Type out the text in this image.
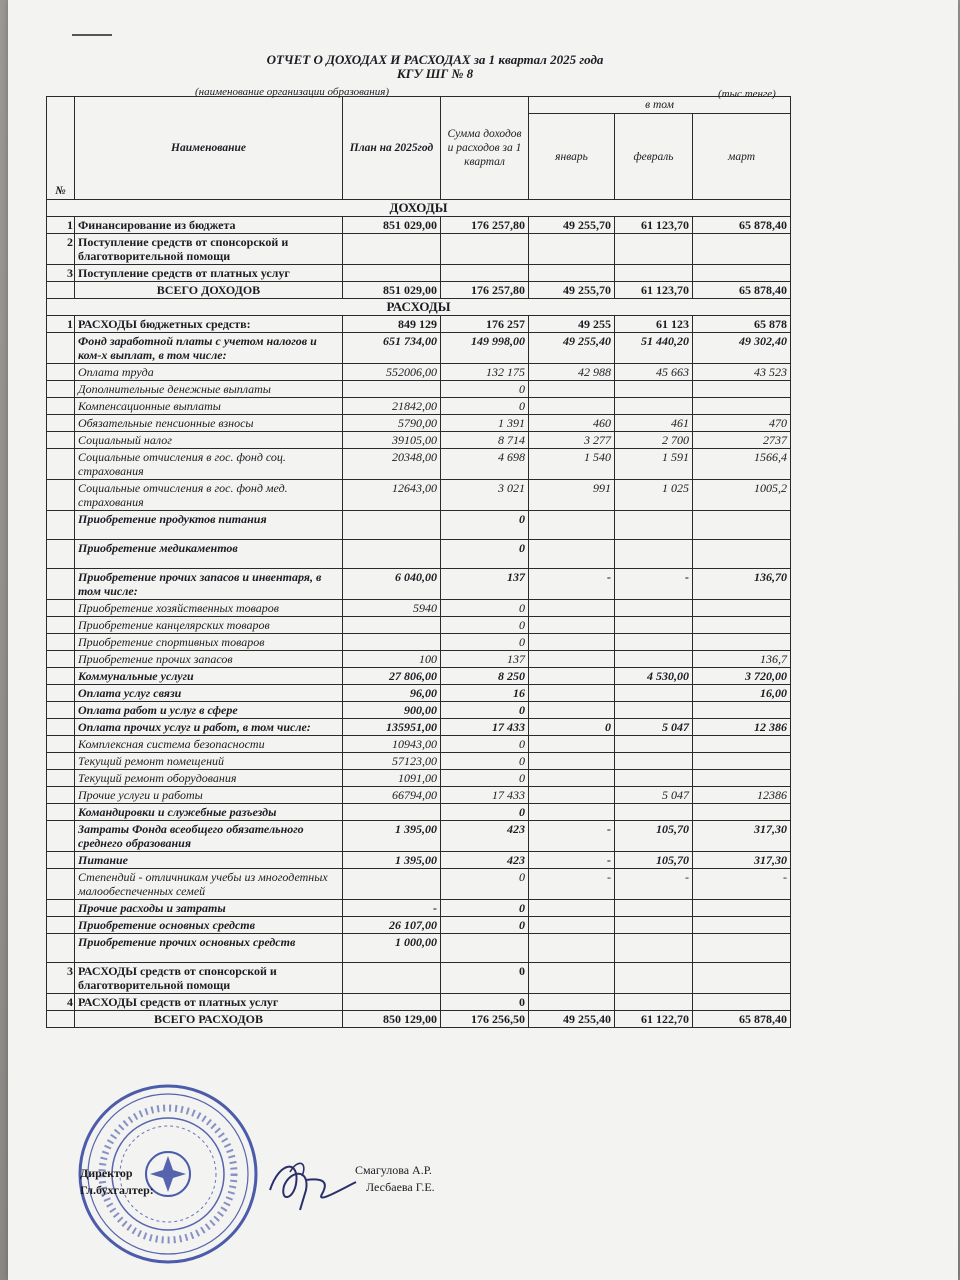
ОТЧЕТ О ДОХОДАХ И РАСХОДАХ за 1 квартал 2025 года
КГУ ШГ № 8
(наименование организации образования)	(тыс.тенге)
№	Наименование	План на 2025год	Сумма доходов и расходов за 1 квартал	в том		
				январь	февраль	март
ДОХОДЫ						
1	Финансирование из бюджета	851 029,00	176 257,80	49 255,70	61 123,70	65 878,40
2	Поступление средств от спонсорской и благотворительной помощи					
3	Поступление средств от платных услуг					
	ВСЕГО ДОХОДОВ	851 029,00	176 257,80	49 255,70	61 123,70	65 878,40
РАСХОДЫ						
1	РАСХОДЫ бюджетных средств:	849 129	176 257	49 255	61 123	65 878
	Фонд заработной платы с учетом налогов и ком-х выплат, в том числе:	651 734,00	149 998,00	49 255,40	51 440,20	49 302,40
	Оплата труда	552006,00	132 175	42 988	45 663	43 523
	Дополнительные денежные выплаты		0			
	Компенсационные выплаты	21842,00	0			
	Обязательные пенсионные взносы	5790,00	1 391	460	461	470
	Социальный налог	39105,00	8 714	3 277	2 700	2737
	Социальные отчисления в гос. фонд соц. страхования	20348,00	4 698	1 540	1 591	1566,4
	Социальные отчисления в гос. фонд мед. страхования	12643,00	3 021	991	1 025	1005,2
	Приобретение продуктов питания		0			
	Приобретение медикаментов		0			
	Приобретение прочих запасов и инвентаря, в том числе:	6 040,00	137	-	-	136,70
	Приобретение хозяйственных товаров	5940	0			
	Приобретение канцелярских товаров		0			
	Приобретение спортивных товаров		0			
	Приобретение прочих запасов	100	137			136,7
	Коммунальные услуги	27 806,00	8 250		4 530,00	3 720,00
	Оплата услуг связи	96,00	16			16,00
	Оплата работ и услуг в сфере	900,00	0			
	Оплата прочих услуг и работ, в том числе:	135951,00	17 433	0	5 047	12 386
	Комплексная система безопасности	10943,00	0			
	Текущий ремонт помещений	57123,00	0			
	Текущий ремонт оборудования	1091,00	0			
	Прочие услуги и работы	66794,00	17 433		5 047	12386
	Командировки и служебные разъезды		0			
	Затраты Фонда всеобщего обязательного среднего образования	1 395,00	423	-	105,70	317,30
	Питание	1 395,00	423	-	105,70	317,30
	Степендий - отличникам учебы из многодетных малообеспеченных семей		0	-	-	-
	Прочие расходы и затраты	-	0			
	Приобретение основных средств	26 107,00	0			
	Приобретение прочих основных средств	1 000,00				
3	РАСХОДЫ средств от спонсорской и благотворительной помощи		0			
4	РАСХОДЫ средств от платных услуг		0			
	ВСЕГО РАСХОДОВ	850 129,00	176 256,50	49 255,40	61 122,70	65 878,40
Директор	Смагулова А.Р.
Гл.бухгалтер:	Лесбаева Г.Е.
